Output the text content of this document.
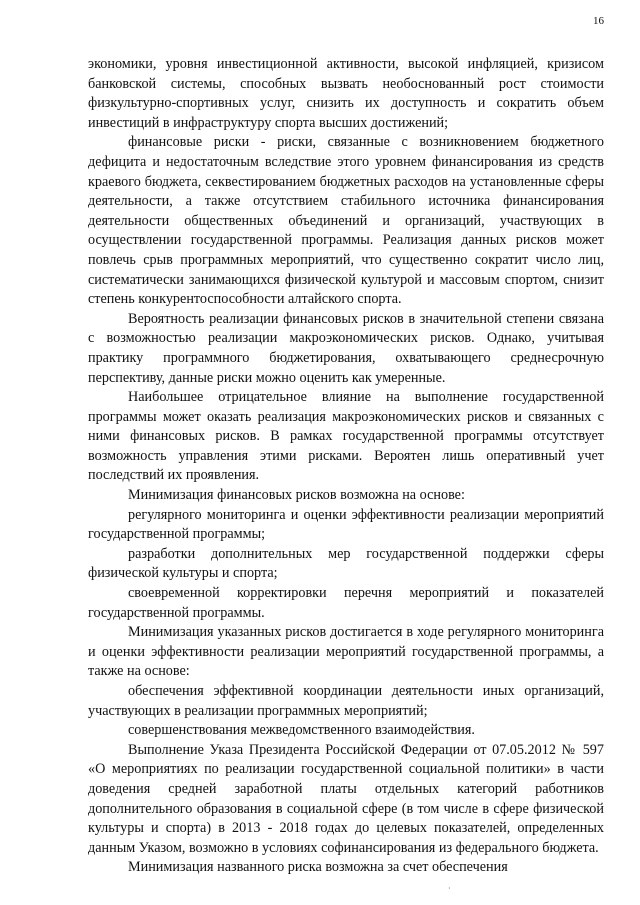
16

экономики, уровня инвестиционной активности, высокой инфляцией, кризисом банковской системы, способных вызвать необоснованный рост стоимости физкультурно-спортивных услуг, снизить их доступность и сократить объем инвестиций в инфраструктуру спорта высших достижений;

финансовые риски - риски, связанные с возникновением бюджетного дефицита и недостаточным вследствие этого уровнем финансирования из средств краевого бюджета, секвестированием бюджетных расходов на установленные сферы деятельности, а также отсутствием стабильного источника финансирования деятельности общественных объединений и организаций, участвующих в осуществлении государственной программы. Реализация данных рисков может повлечь срыв программных мероприятий, что существенно сократит число лиц, систематически занимающихся физической культурой и массовым спортом, снизит степень конкурентоспособности алтайского спорта.

Вероятность реализации финансовых рисков в значительной степени связана с возможностью реализации макроэкономических рисков. Однако, учитывая практику программного бюджетирования, охватывающего среднесрочную перспективу, данные риски можно оценить как умеренные.

Наибольшее отрицательное влияние на выполнение государственной программы может оказать реализация макроэкономических рисков и связанных с ними финансовых рисков. В рамках государственной программы отсутствует возможность управления этими рисками. Вероятен лишь оперативный учет последствий их проявления.

Минимизация финансовых рисков возможна на основе:

регулярного мониторинга и оценки эффективности реализации мероприятий государственной программы;

разработки дополнительных мер государственной поддержки сферы физической культуры и спорта;

своевременной корректировки перечня мероприятий и показателей государственной программы.

Минимизация указанных рисков достигается в ходе регулярного мониторинга и оценки эффективности реализации мероприятий государственной программы, а также на основе:

обеспечения эффективной координации деятельности иных организаций, участвующих в реализации программных мероприятий;

совершенствования межведомственного взаимодействия.

Выполнение Указа Президента Российской Федерации от 07.05.2012 № 597 «О мероприятиях по реализации государственной социальной политики» в части доведения средней заработной платы отдельных категорий работников дополнительного образования в социальной сфере (в том числе в сфере физической культуры и спорта) в 2013 - 2018 годах до целевых показателей, определенных данным Указом, возможно в условиях софинансирования из федерального бюджета.

Минимизация названного риска возможна за счет обеспечения

·
